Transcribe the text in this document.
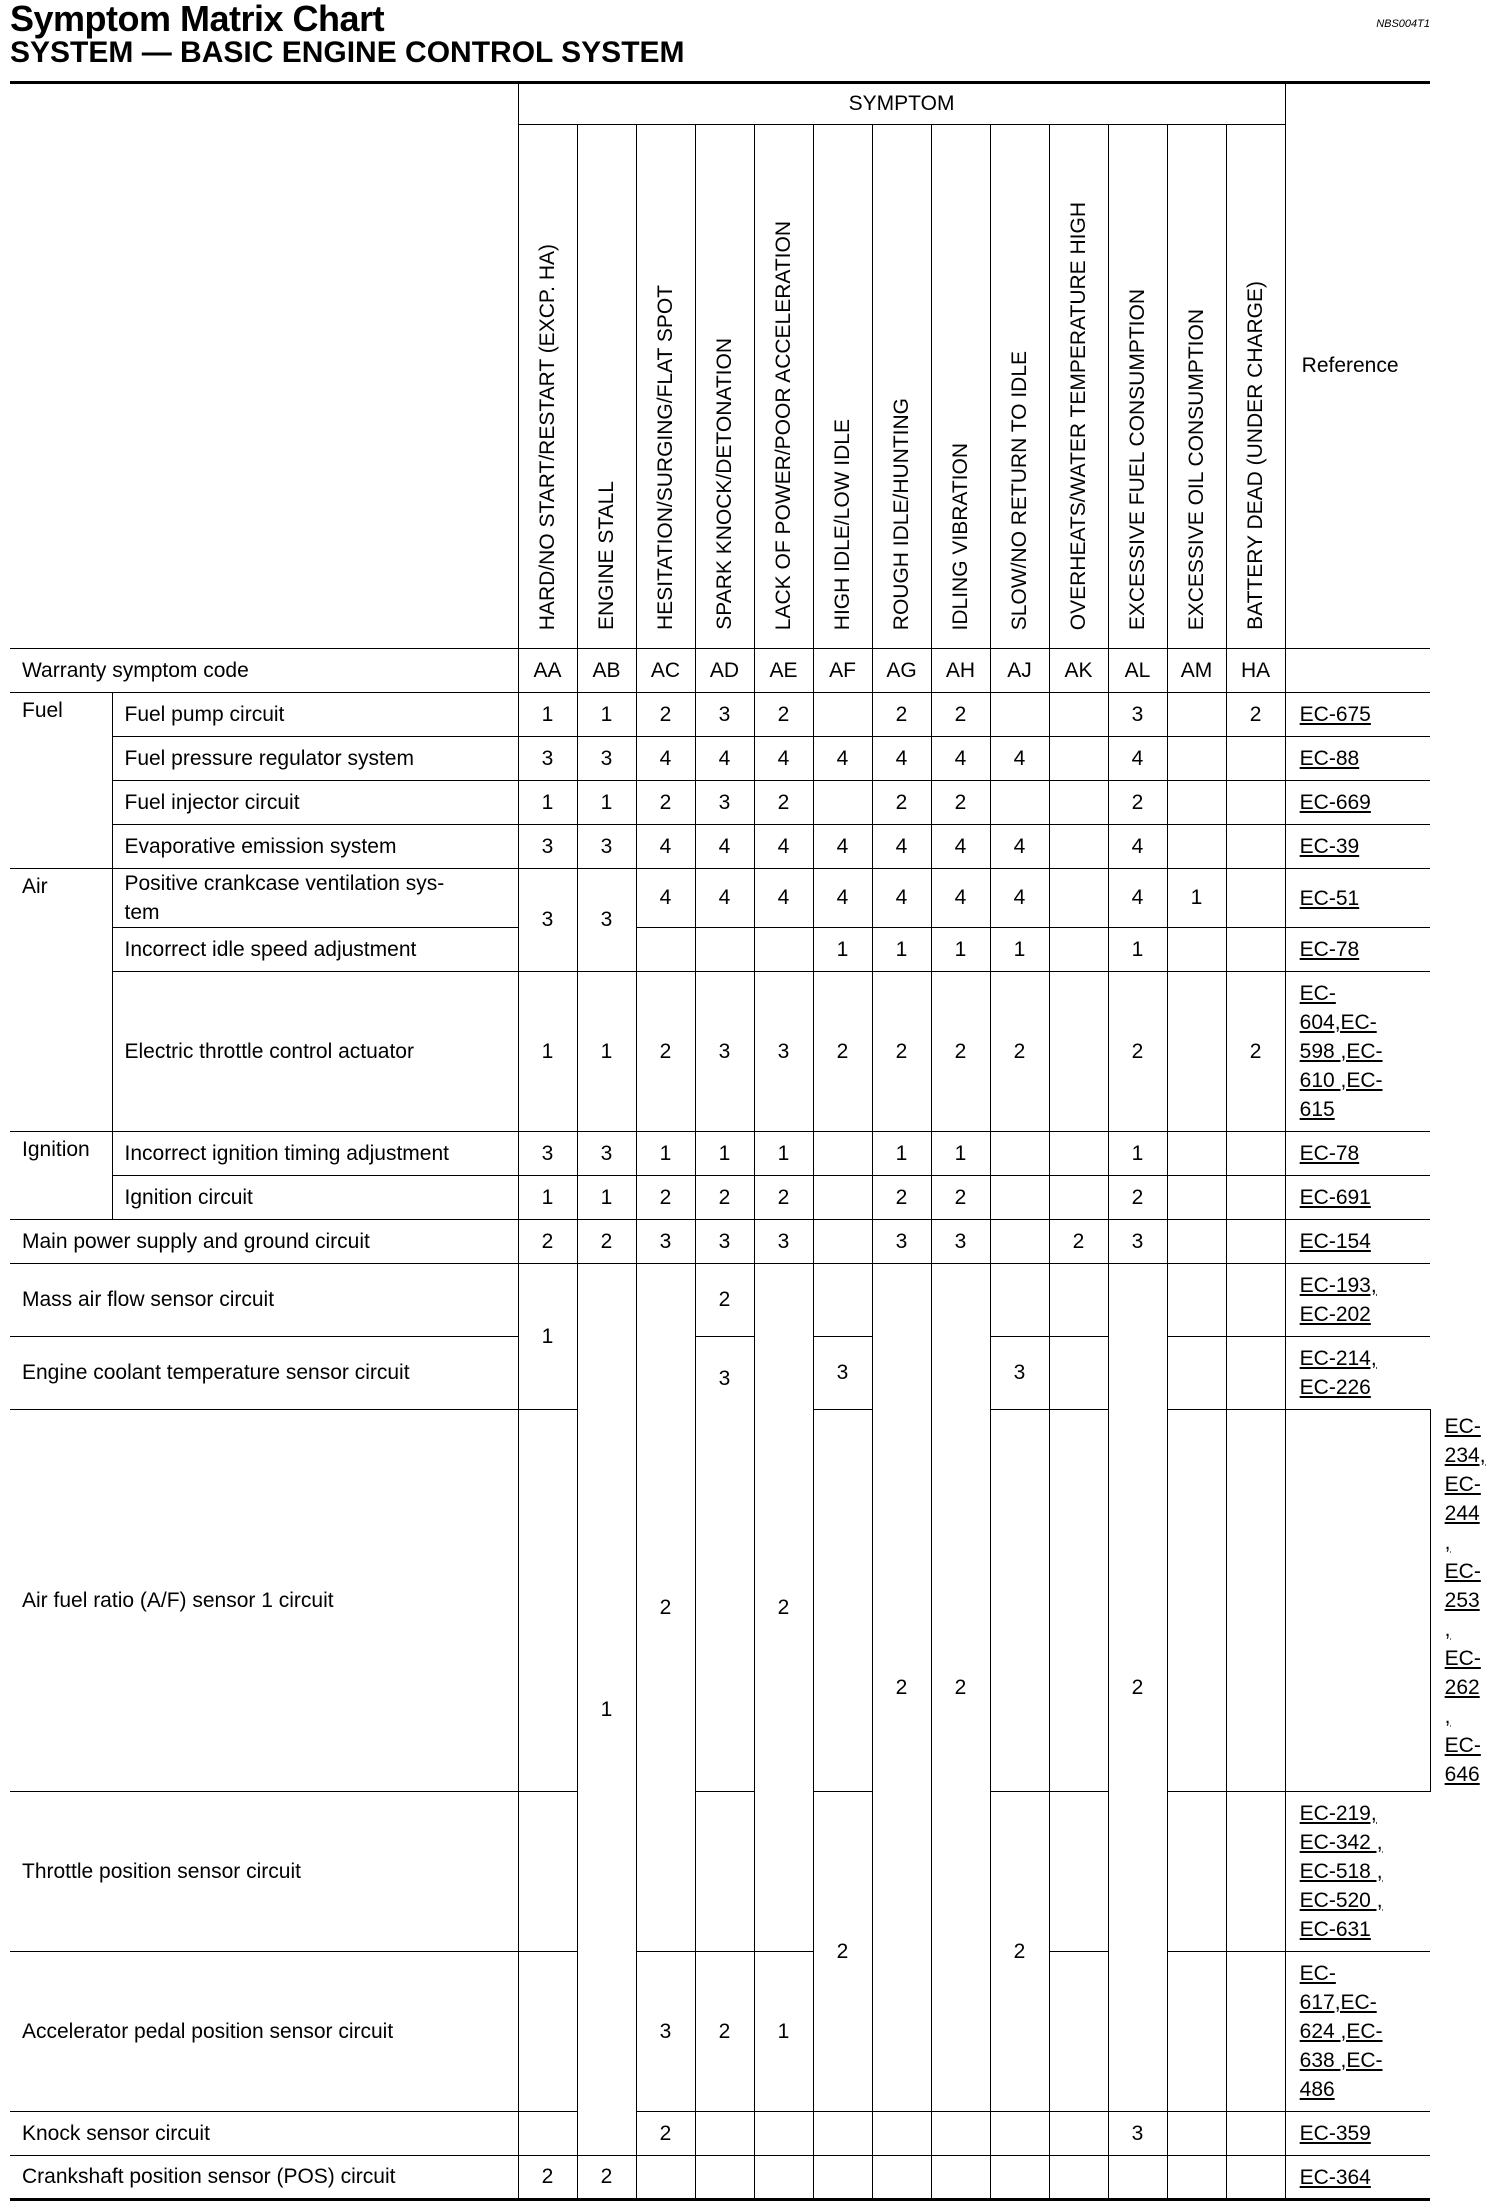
Symptom Matrix Chart
SYSTEM — BASIC ENGINE CONTROL SYSTEM
NBS004T1
		SYMPTOM													Reference	
		HARD/NO START/RESTART (EXCP. HA)	ENGINE STALL	HESITATION/SURGING/FLAT SPOT	SPARK KNOCK/DETONATION	LACK OF POWER/POOR ACCELERATION	HIGH IDLE/LOW IDLE	ROUGH IDLE/HUNTING	IDLING VIBRATION	SLOW/NO RETURN TO IDLE	OVERHEATS/WATER TEMPERATURE HIGH	EXCESSIVE FUEL CONSUMPTION	EXCESSIVE OIL CONSUMPTION	BATTERY DEAD (UNDER CHARGE)		
Warranty symptom code		AA	AB	AC	AD	AE	AF	AG	AH	AJ	AK	AL	AM	HA		
Fuel	Fuel pump circuit	1	1	2	3	2		2	2			3		2	EC-675	
	Fuel pressure regulator system	3	3	4	4	4	4	4	4	4		4			EC-88	
	Fuel injector circuit	1	1	2	3	2		2	2			2			EC-669	
	Evaporative emission system	3	3	4	4	4	4	4	4	4		4			EC-39	
Air	Positive crankcase ventilation sys-
tem	3	3	4	4	4	4	4	4	4		4	1		EC-51	
	Incorrect idle speed adjustment						1	1	1	1		1			EC-78	
	Electric throttle control actuator	1	1	2	3	3	2	2	2	2		2		2	EC-
604,EC-
598 ,EC-
610 ,EC-
615	
Ignition	Incorrect ignition timing adjustment	3	3	1	1	1		1	1			1			EC-78	
	Ignition circuit	1	1	2	2	2		2	2			2			EC-691	
Main power supply and ground circuit		2	2	3	3	3		3	3		2	3			EC-154	
Mass air flow sensor circuit		1	1	2	2	2		2	2			2			EC-193,
EC-202	
Engine coolant temperature sensor circuit					3		3			3					EC-214,
EC-226	
Air fuel ratio (A/F) sensor 1 circuit																EC-234,
EC-244 ,
EC-253 ,
EC-262 ,
EC-646
Throttle position sensor circuit							2			2					EC-219,
EC-342 ,
EC-518 ,
EC-520 ,
EC-631	
Accelerator pedal position sensor circuit				3	2	1									EC-
617,EC-
624 ,EC-
638 ,EC-
486	
Knock sensor circuit				2								3			EC-359	
Crankshaft position sensor (POS) circuit		2	2												EC-364	
